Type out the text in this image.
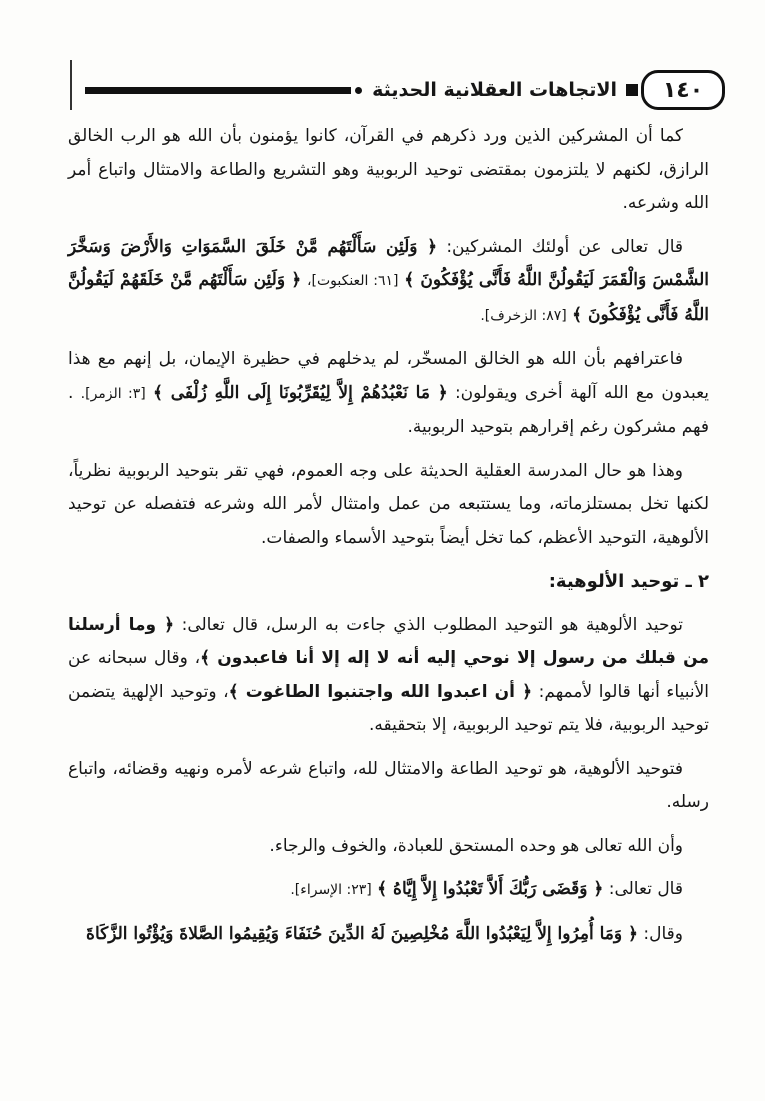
١٤٠
الاتجاهات العقلانية الحديثة

كما أن المشركين الذين ورد ذكرهم في القرآن، كانوا يؤمنون بأن الله هو الرب الخالق الرازق، لكنهم لا يلتزمون بمقتضى توحيد الربوبية وهو التشريع والطاعة والامتثال واتباع أمر الله وشرعه.

قال تعالى عن أولئك المشركين: ﴿ وَلَئِن سَأَلْتَهُم مَّنْ خَلَقَ السَّمَوَاتِ وَالأَرْضَ وَسَخَّرَ الشَّمْسَ وَالْقَمَرَ لَيَقُولُنَّ اللَّهُ فَأَنَّى يُؤْفَكُونَ ﴾ [٦١: العنكبوت]، ﴿ وَلَئِن سَأَلْتَهُم مَّنْ خَلَقَهُمْ لَيَقُولُنَّ اللَّهُ فَأَنَّى يُؤْفَكُونَ ﴾ [٨٧: الزخرف].

فاعترافهم بأن الله هو الخالق المسخّر، لم يدخلهم في حظيرة الإيمان، بل إنهم مع هذا يعبدون مع الله آلهة أخرى ويقولون: ﴿ مَا نَعْبُدُهُمْ إِلاَّ لِيُقَرِّبُونَا إِلَى اللَّهِ زُلْفَى ﴾ [٣: الزمر]. . فهم مشركون رغم إقرارهم بتوحيد الربوبية.

وهذا هو حال المدرسة العقلية الحديثة على وجه العموم، فهي تقر بتوحيد الربوبية نظرياً، لكنها تخل بمستلزماته، وما يستتبعه من عمل وامتثال لأمر الله وشرعه فتفصله عن توحيد الألوهية، التوحيد الأعظم، كما تخل أيضاً بتوحيد الأسماء والصفات.

٢ ـ توحيد الألوهية:

توحيد الألوهية هو التوحيد المطلوب الذي جاءت به الرسل، قال تعالى: ﴿ وما أرسلنا من قبلك من رسول إلا نوحي إليه أنه لا إله إلا أنا فاعبدون ﴾، وقال سبحانه عن الأنبياء أنها قالوا لأممهم: ﴿ أن اعبدوا الله واجتنبوا الطاغوت ﴾، وتوحيد الإلهية يتضمن توحيد الربوبية، فلا يتم توحيد الربوبية، إلا بتحقيقه.

فتوحيد الألوهية، هو توحيد الطاعة والامتثال لله، واتباع شرعه لأمره ونهيه وقضائه، واتباع رسله.

وأن الله تعالى هو وحده المستحق للعبادة، والخوف والرجاء.

قال تعالى: ﴿ وَقَضَى رَبُّكَ أَلاَّ تَعْبُدُوا إِلاَّ إِيَّاهُ ﴾ [٢٣: الإسراء].

وقال: ﴿ وَمَا أُمِرُوا إِلاَّ لِيَعْبُدُوا اللَّهَ مُخْلِصِينَ لَهُ الدِّينَ حُنَفَاءَ وَيُقِيمُوا الصَّلاةَ وَيُؤْتُوا الزَّكَاةَ
